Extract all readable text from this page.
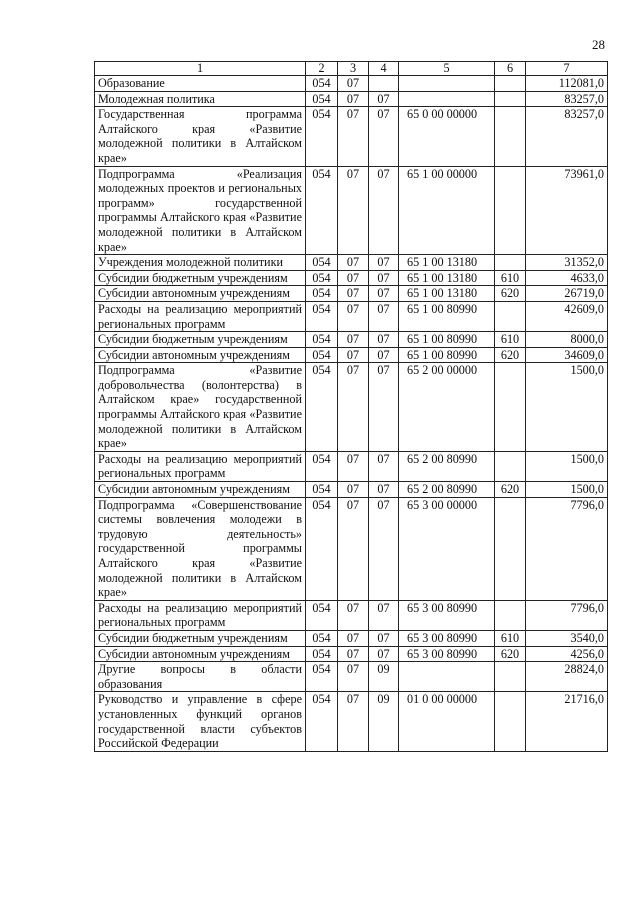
28
1	2	3	4	5	6	7
Образование	054	07				112081,0
Молодежная политика	054	07	07			83257,0
Государственная программа Алтайского края «Развитие молодежной политики в Алтайском крае»	054	07	07	65 0 00 00000		83257,0
Подпрограмма «Реализация молодежных проектов и региональных программ» государственной программы Алтайского края «Развитие молодежной политики в Алтайском крае»	054	07	07	65 1 00 00000		73961,0
Учреждения молодежной политики	054	07	07	65 1 00 13180		31352,0
Субсидии бюджетным учреждениям	054	07	07	65 1 00 13180	610	4633,0
Субсидии автономным учреждениям	054	07	07	65 1 00 13180	620	26719,0
Расходы на реализацию мероприятий региональных программ	054	07	07	65 1 00 80990		42609,0
Субсидии бюджетным учреждениям	054	07	07	65 1 00 80990	610	8000,0
Субсидии автономным учреждениям	054	07	07	65 1 00 80990	620	34609,0
Подпрограмма «Развитие добровольчества (волонтерства) в Алтайском крае» государственной программы Алтайского края «Развитие молодежной политики в Алтайском крае»	054	07	07	65 2 00 00000		1500,0
Расходы на реализацию мероприятий региональных программ	054	07	07	65 2 00 80990		1500,0
Субсидии автономным учреждениям	054	07	07	65 2 00 80990	620	1500,0
Подпрограмма «Совершенствование системы вовлечения молодежи в трудовую деятельность» государственной программы Алтайского края «Развитие молодежной политики в Алтайском крае»	054	07	07	65 3 00 00000		7796,0
Расходы на реализацию мероприятий региональных программ	054	07	07	65 3 00 80990		7796,0
Субсидии бюджетным учреждениям	054	07	07	65 3 00 80990	610	3540,0
Субсидии автономным учреждениям	054	07	07	65 3 00 80990	620	4256,0
Другие вопросы в области образования	054	07	09			28824,0
Руководство и управление в сфере установленных функций органов государственной власти субъектов Российской Федерации	054	07	09	01 0 00 00000		21716,0
